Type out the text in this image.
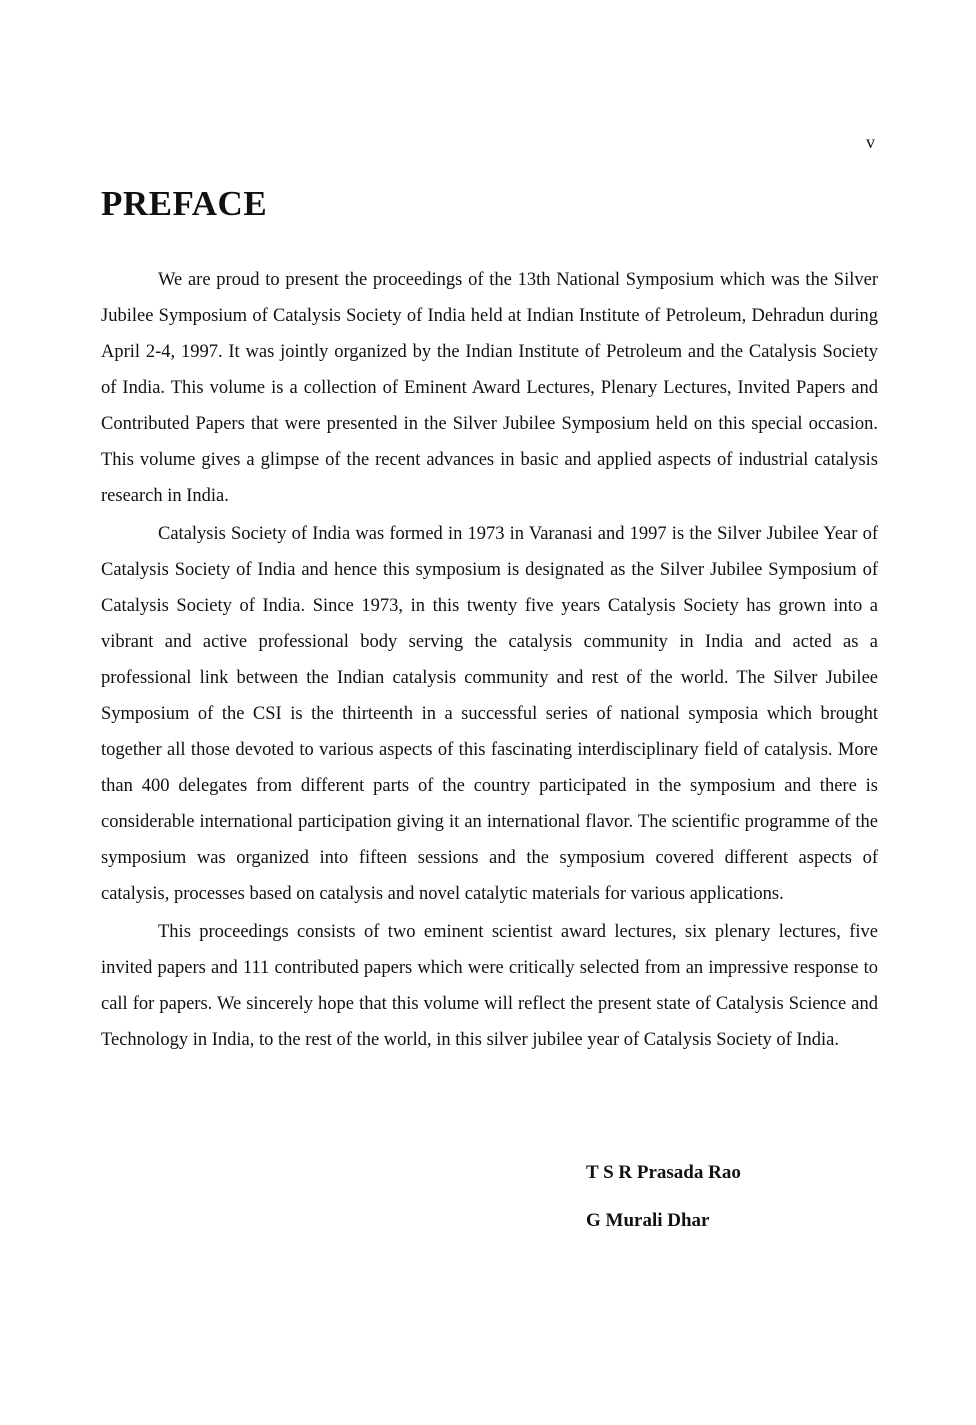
v
PREFACE

We are proud to present the proceedings of the 13th National Symposium which was the Silver Jubilee Symposium of Catalysis Society of India held at Indian Institute of Petroleum, Dehradun during April 2-4, 1997. It was jointly organized by the Indian Institute of Petroleum and the Catalysis Society of India. This volume is a collection of Eminent Award Lectures, Plenary Lectures, Invited Papers and Contributed Papers that were presented in the Silver Jubilee Symposium held on this special occasion. This volume gives a glimpse of the recent advances in basic and applied aspects of industrial catalysis research in India.

Catalysis Society of India was formed in 1973 in Varanasi and 1997 is the Silver Jubilee Year of Catalysis Society of India and hence this symposium is designated as the Silver Jubilee Symposium of Catalysis Society of India. Since 1973, in this twenty five years Catalysis Society has grown into a vibrant and active professional body serving the catalysis community in India and acted as a professional link between the Indian catalysis community and rest of the world. The Silver Jubilee Symposium of the CSI is the thirteenth in a successful series of national symposia which brought together all those devoted to various aspects of this fascinating interdisciplinary field of catalysis. More than 400 delegates from different parts of the country participated in the symposium and there is considerable international participation giving it an international flavor. The scientific programme of the symposium was organized into fifteen sessions and the symposium covered different aspects of catalysis, processes based on catalysis and novel catalytic materials for various applications.

This proceedings consists of two eminent scientist award lectures, six plenary lectures, five invited papers and 111 contributed papers which were critically selected from an impressive response to call for papers. We sincerely hope that this volume will reflect the present state of Catalysis Science and Technology in India, to the rest of the world, in this silver jubilee year of Catalysis Society of India.

T S R Prasada Rao
G Murali Dhar
